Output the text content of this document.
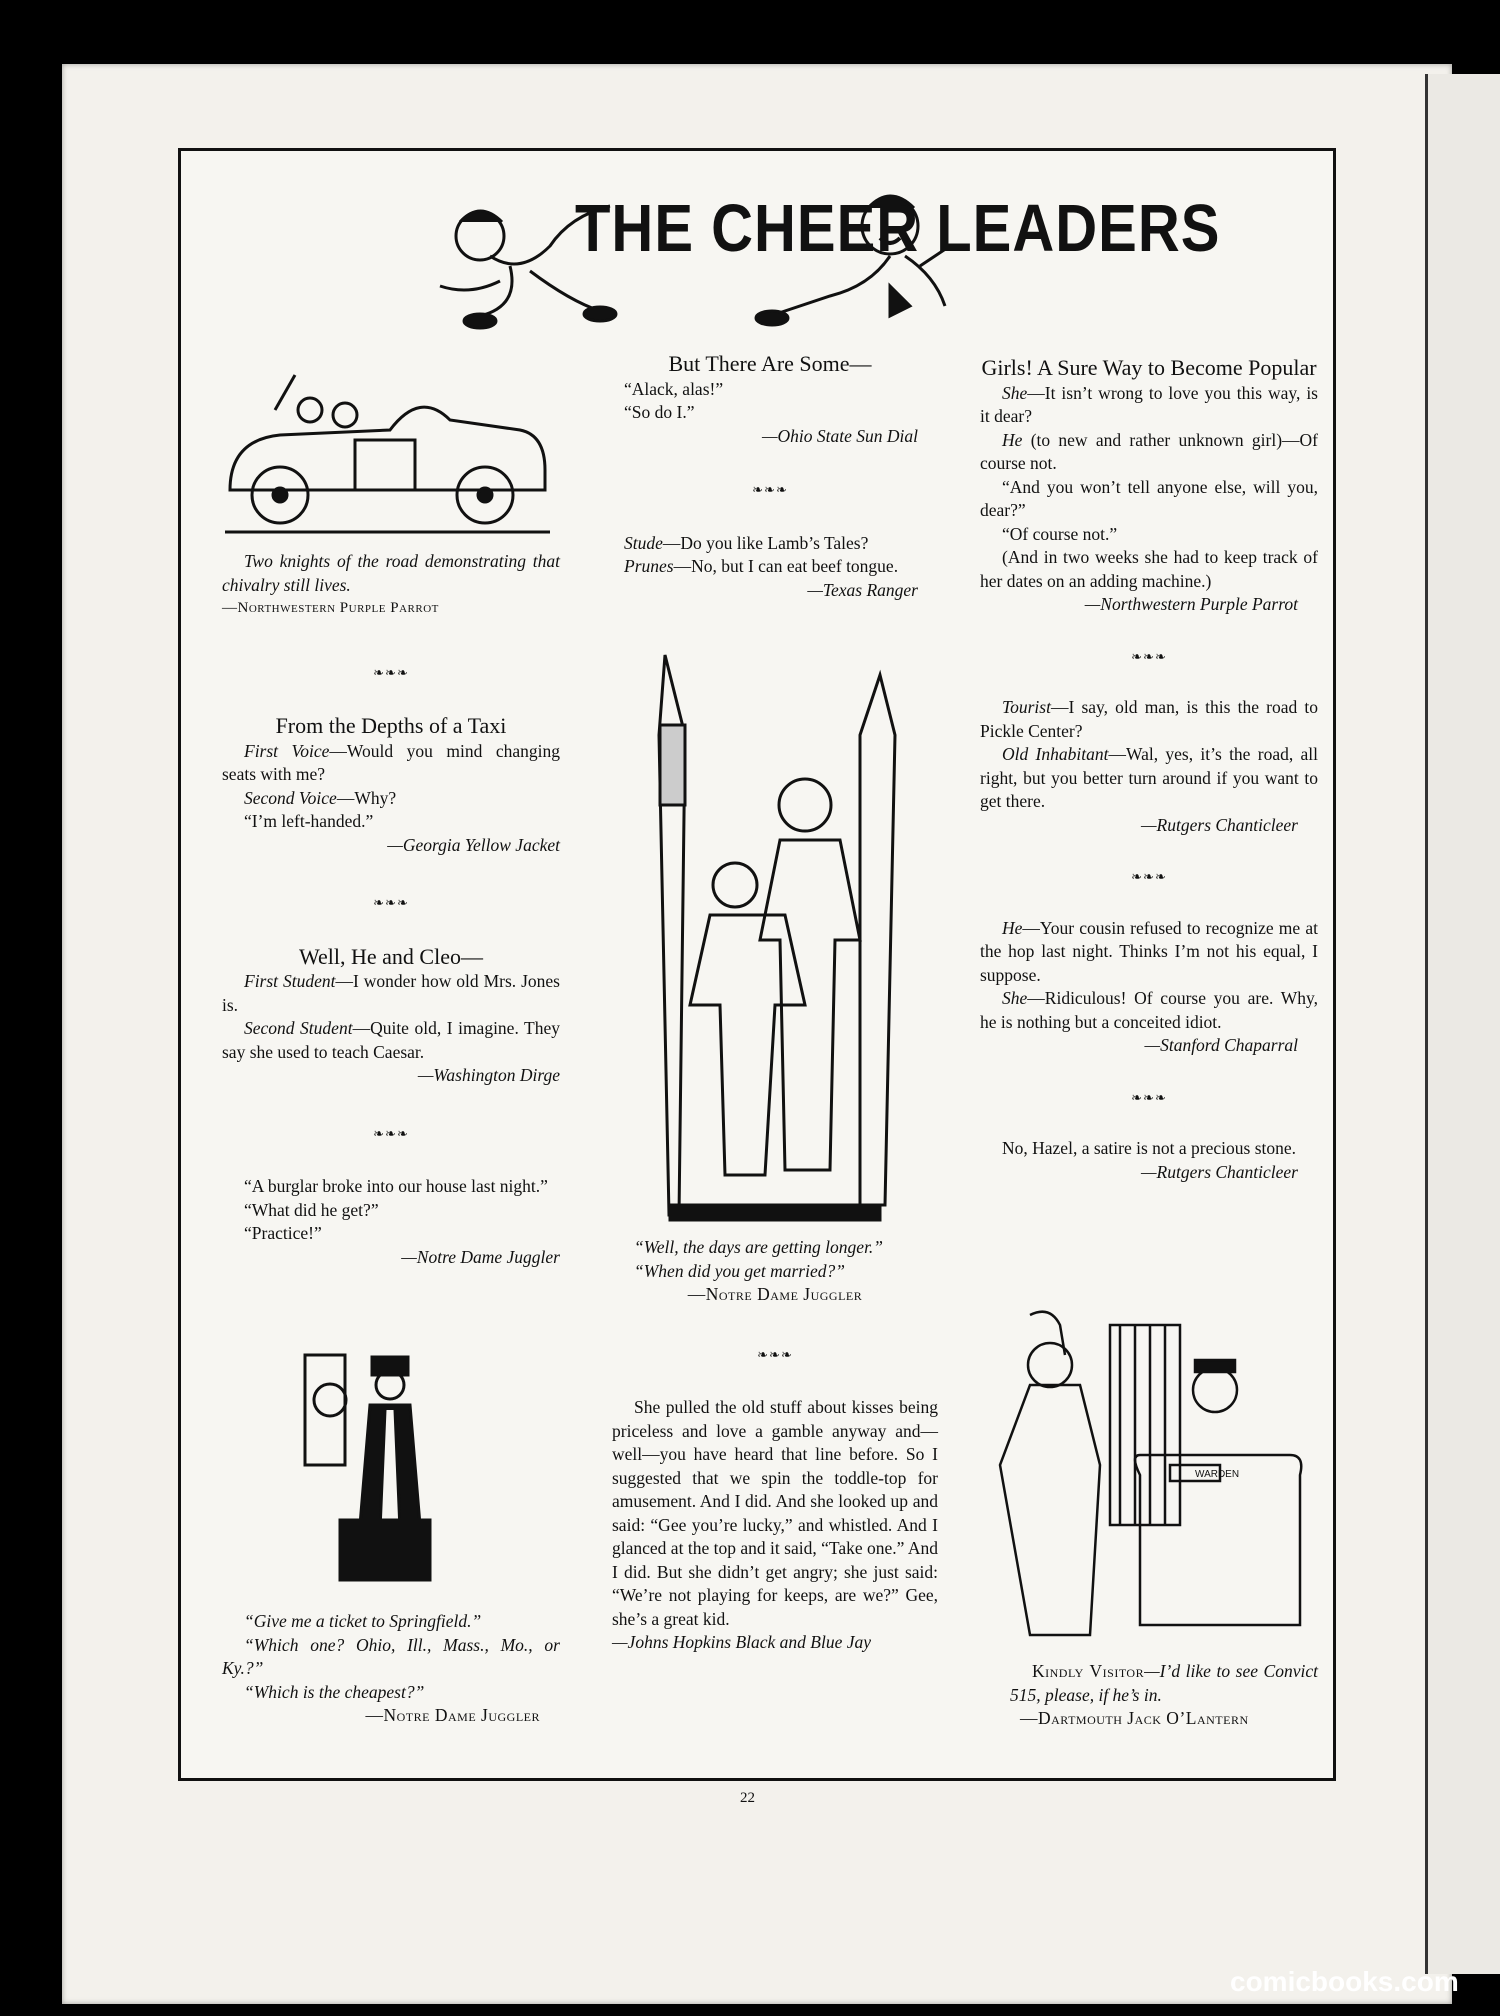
THE CHEER LEADERS

Two knights of the road demonstrating that chivalry still lives.

—Northwestern Purple Parrot

❧❧❧

From the Depths of a Taxi

First Voice—Would you mind changing seats with me?

Second Voice—Why?

“I’m left-handed.”

—Georgia Yellow Jacket

❧❧❧

Well, He and Cleo—

First Student—I wonder how old Mrs. Jones is.

Second Student—Quite old, I imagine. They say she used to teach Caesar.

—Washington Dirge

❧❧❧

“A burglar broke into our house last night.”

“What did he get?”

“Practice!”

—Notre Dame Juggler

“Give me a ticket to Springfield.”

“Which one? Ohio, Ill., Mass., Mo., or Ky.?”

“Which is the cheapest?”

—Notre Dame Juggler

But There Are Some—

“Alack, alas!”

“So do I.”

—Ohio State Sun Dial

❧❧❧

Stude—Do you like Lamb’s Tales?

Prunes—No, but I can eat beef tongue.

—Texas Ranger

“Well, the days are getting longer.”

“When did you get married?”

—Notre Dame Juggler

❧❧❧

She pulled the old stuff about kisses being priceless and love a gamble anyway and—well—you have heard that line before. So I suggested that we spin the toddle-top for amusement. And I did. And she looked up and said: “Gee you’re lucky,” and whistled. And I glanced at the top and it said, “Take one.” And I did. But she didn’t get angry; she just said: “We’re not playing for keeps, are we?” Gee, she’s a great kid.

—Johns Hopkins Black and Blue Jay

Girls! A Sure Way to Become Popular

She—It isn’t wrong to love you this way, is it dear?

He (to new and rather unknown girl)—Of course not.

“And you won’t tell anyone else, will you, dear?”

“Of course not.”

(And in two weeks she had to keep track of her dates on an adding machine.)

—Northwestern Purple Parrot

❧❧❧

Tourist—I say, old man, is this the road to Pickle Center?

Old Inhabitant—Wal, yes, it’s the road, all right, but you better turn around if you want to get there.

—Rutgers Chanticleer

❧❧❧

He—Your cousin refused to recognize me at the hop last night. Thinks I’m not his equal, I suppose.

She—Ridiculous! Of course you are. Why, he is nothing but a conceited idiot.

—Stanford Chaparral

❧❧❧

No, Hazel, a satire is not a precious stone.

—Rutgers Chanticleer

WARDEN

Kindly Visitor—I’d like to see Convict 515, please, if he’s in.

—Dartmouth Jack O’Lantern

22
comicbooks.com
